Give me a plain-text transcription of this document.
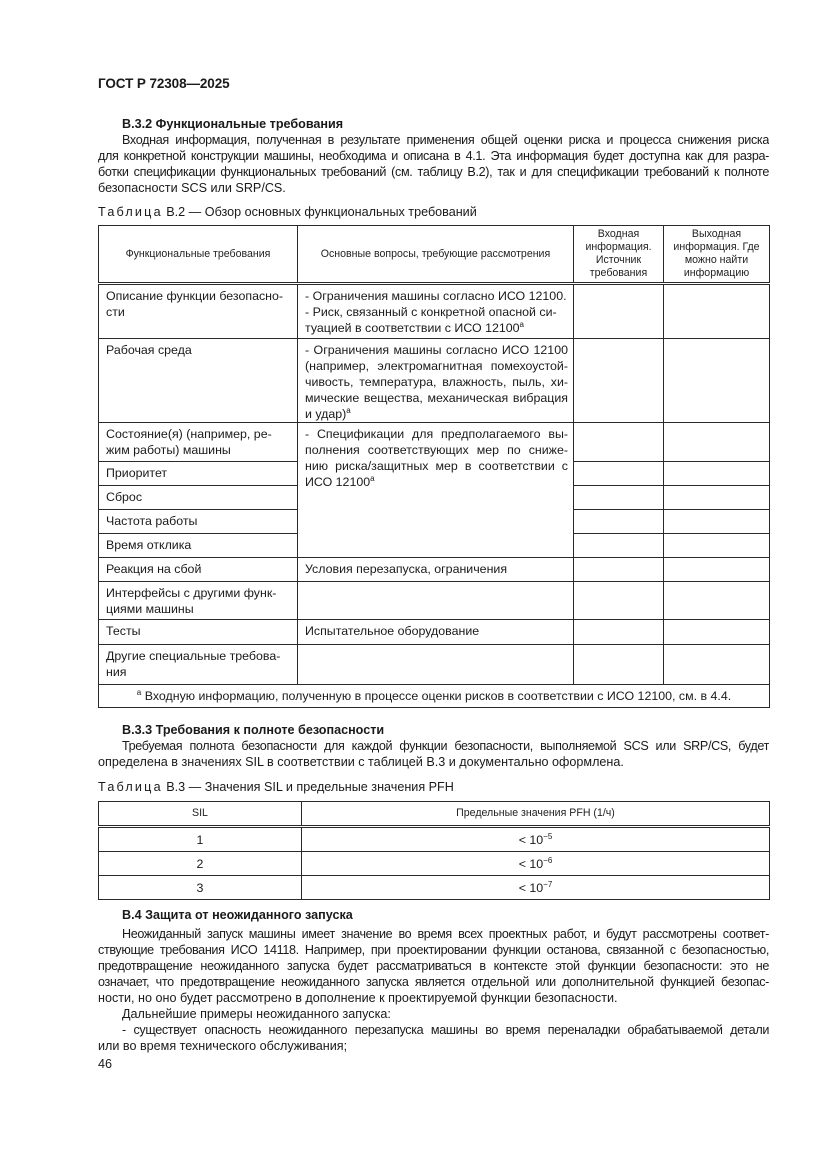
ГОСТ Р 72308—2025
В.3.2 Функциональные требования
Входная информация, полученная в результате применения общей оценки риска и процесса снижения риска
для конкретной конструкции машины, необходима и описана в 4.1. Эта информация будет доступна как для разра-
ботки спецификации функциональных требований (см. таблицу В.2), так и для спецификации требований к полноте
безопасности SCS или SRP/CS.
Таблица В.2 — Обзор основных функциональных требований
Функциональные требования	Основные вопросы, требующие рассмотрения	Входная информация. Источник требования	Выходная информация. Где можно найти информацию

Описание функции безопасно-
сти	- Ограничения машины согласно ИСО 12100.
- Риск, связанный с конкретной опасной си-
туацией в соответствии с ИСО 12100$^a$

Рабочая среда	- Ограничения машины согласно ИСО 12100 (например, электромагнитная помехоустой-чивость, температура, влажность, пыль, хи-мические вещества, механическая вибрация и удар)$^a$

Состояние(я) (например, ре-
жим работы) машины	- Спецификации для предполагаемого вы-полнения соответствующих мер по сниже-нию риска/защитных мер в соответствии с ИСО 12100$^a$

Приоритет			

Сброс			

Частота работы			

Время отклика			

Реакция на сбой	Условия перезапуска, ограничения		

Интерфейсы с другими функ-
циями машины			

Тесты	Испытательное оборудование		

Другие специальные требова-
ния			

$^a$ Входную информацию, полученную в процессе оценки рисков в соответствии с ИСО 12100, см. в 4.4.			
В.3.3 Требования к полноте безопасности
Требуемая полнота безопасности для каждой функции безопасности, выполняемой SCS или SRP/CS, будет
определена в значениях SIL в соответствии с таблицей В.3 и документально оформлена.
Таблица В.3 — Значения SIL и предельные значения PFH
SIL	Предельные значения PFH (1/ч)
1	< $10^{-5}$
2	< $10^{-6}$
3	< $10^{-7}$
В.4 Защита от неожиданного запуска
Неожиданный запуск машины имеет значение во время всех проектных работ, и будут рассмотрены соответ-
ствующие требования ИСО 14118. Например, при проектировании функции останова, связанной с безопасностью,
предотвращение неожиданного запуска будет рассматриваться в контексте этой функции безопасности: это не
означает, что предотвращение неожиданного запуска является отдельной или дополнительной функцией безопас-
ности, но оно будет рассмотрено в дополнение к проектируемой функции безопасности.
Дальнейшие примеры неожиданного запуска:
- существует опасность неожиданного перезапуска машины во время переналадки обрабатываемой детали
или во время технического обслуживания;
46
